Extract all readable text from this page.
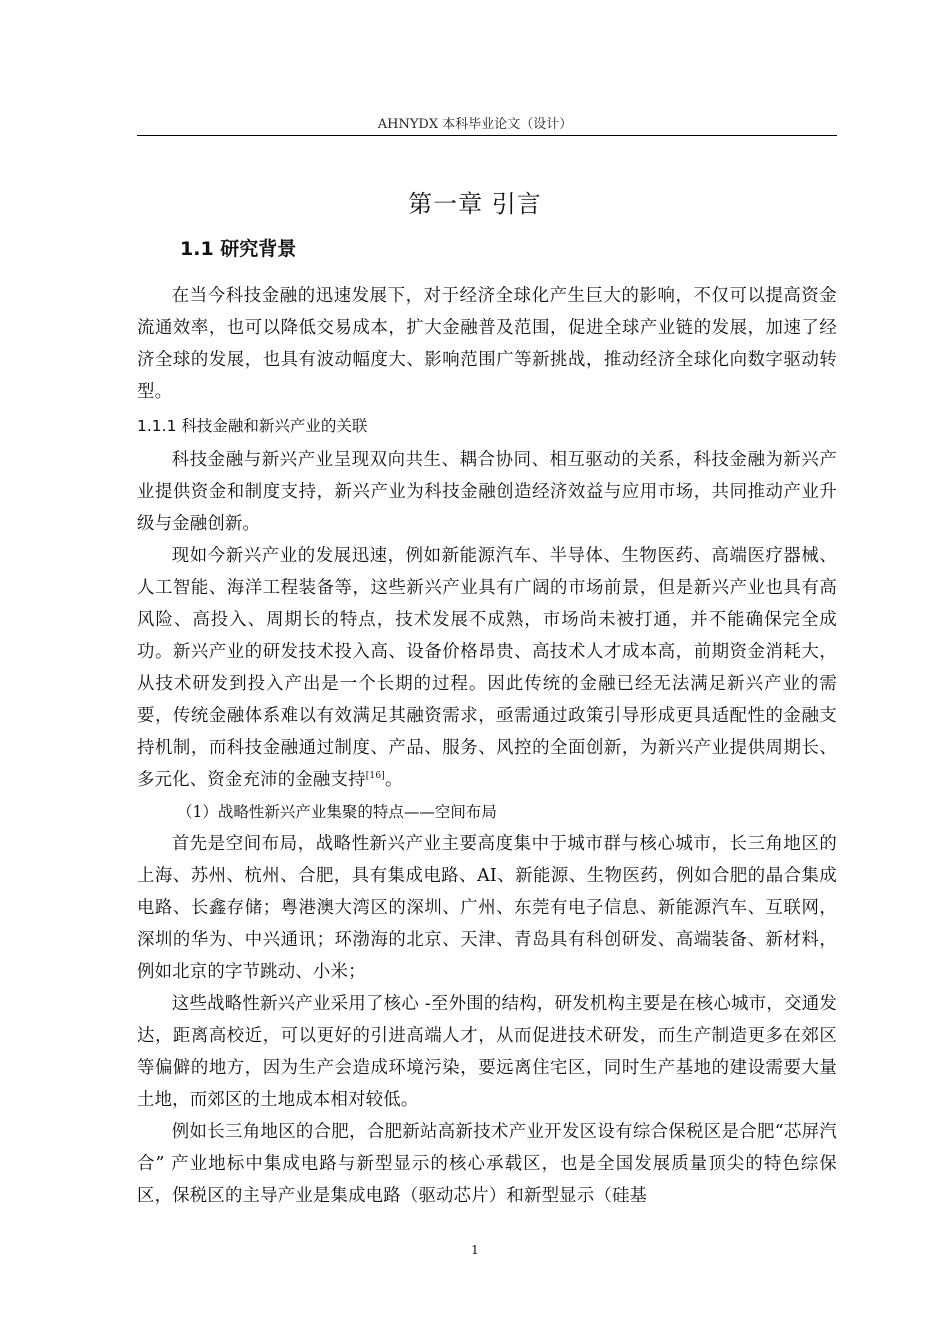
AHNYDX 本科毕业论文（设计）
第一章 引言
1.1 研究背景

在当今科技金融的迅速发展下，对于经济全球化产生巨大的影响，不仅可以提高资金流通效率，也可以降低交易成本，扩大金融普及范围，促进全球产业链的发展，加速了经济全球的发展，也具有波动幅度大、影响范围广等新挑战，推动经济全球化向数字驱动转型。

1.1.1 科技金融和新兴产业的关联

科技金融与新兴产业呈现双向共生、耦合协同、相互驱动的关系，科技金融为新兴产业提供资金和制度支持，新兴产业为科技金融创造经济效益与应用市场，共同推动产业升级与金融创新。

现如今新兴产业的发展迅速，例如新能源汽车、半导体、生物医药、高端医疗器械、人工智能、海洋工程装备等，这些新兴产业具有广阔的市场前景，但是新兴产业也具有高风险、高投入、周期长的特点，技术发展不成熟，市场尚未被打通，并不能确保完全成功。新兴产业的研发技术投入高、设备价格昂贵、高技术人才成本高，前期资金消耗大，从技术研发到投入产出是一个长期的过程。因此传统的金融已经无法满足新兴产业的需要，传统金融体系难以有效满足其融资需求，亟需通过政策引导形成更具适配性的金融支持机制，而科技金融通过制度、产品、服务、风控的全面创新，为新兴产业提供周期长、多元化、资金充沛的金融支持[16]。

（1）战略性新兴产业集聚的特点——空间布局

首先是空间布局，战略性新兴产业主要高度集中于城市群与核心城市，长三角地区的上海、苏州、杭州、合肥，具有集成电路、AI、新能源、生物医药，例如合肥的晶合集成电路、长鑫存储；粤港澳大湾区的深圳、广州、东莞有电子信息、新能源汽车、互联网，深圳的华为、中兴通讯；环渤海的北京、天津、青岛具有科创研发、高端装备、新材料，例如北京的字节跳动、小米；

这些战略性新兴产业采用了核心 -至外围的结构，研发机构主要是在核心城市，交通发达，距离高校近，可以更好的引进高端人才，从而促进技术研发，而生产制造更多在郊区等偏僻的地方，因为生产会造成环境污染，要远离住宅区，同时生产基地的建设需要大量土地，而郊区的土地成本相对较低。

例如长三角地区的合肥，合肥新站高新技术产业开发区设有综合保税区是合肥“芯屏汽合” 产业地标中集成电路与新型显示的核心承载区，也是全国发展质量顶尖的特色综保区，保税区的主导产业是集成电路（驱动芯片）和新型显示（硅基

1
